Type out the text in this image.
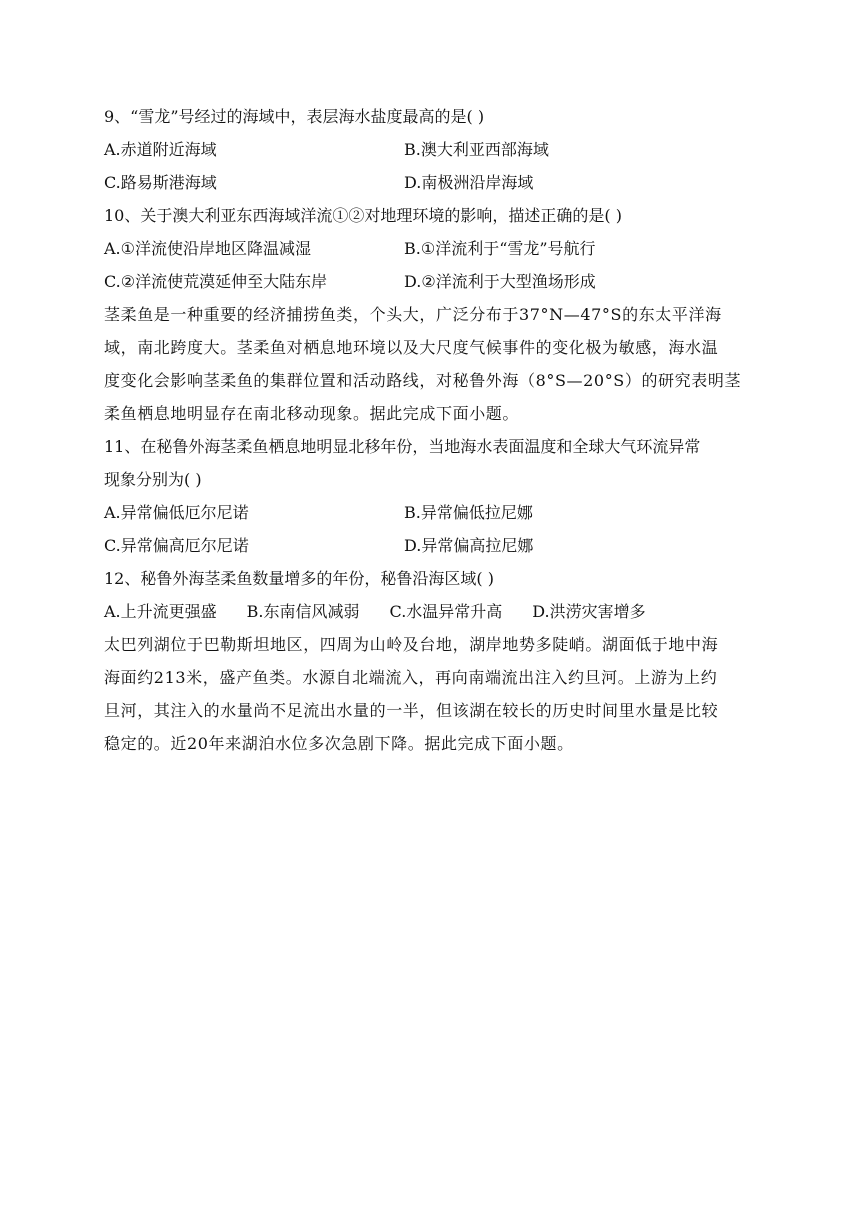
9、“雪龙”号经过的海域中，表层海水盐度最高的是( )
A.赤道附近海域	B.澳大利亚西部海域
C.路易斯港海域	D.南极洲沿岸海域
10、关于澳大利亚东西海域洋流①②对地理环境的影响，描述正确的是( )
A.①洋流使沿岸地区降温减湿	B.①洋流利于“雪龙”号航行
C.②洋流使荒漠延伸至大陆东岸	D.②洋流利于大型渔场形成
茎柔鱼是一种重要的经济捕捞鱼类，个头大，广泛分布于37°N—47°S的东太平洋海
域，南北跨度大。茎柔鱼对栖息地环境以及大尺度气候事件的变化极为敏感，海水温
度变化会影响茎柔鱼的集群位置和活动路线，对秘鲁外海（8°S—20°S）的研究表明茎
柔鱼栖息地明显存在南北移动现象。据此完成下面小题。
11、在秘鲁外海茎柔鱼栖息地明显北移年份，当地海水表面温度和全球大气环流异常
现象分别为( )
A.异常偏低厄尔尼诺	B.异常偏低拉尼娜
C.异常偏高厄尔尼诺	D.异常偏高拉尼娜
12、秘鲁外海茎柔鱼数量增多的年份，秘鲁沿海区域( )
A.上升流更强盛 B.东南信风减弱 C.水温异常升高 D.洪涝灾害增多
太巴列湖位于巴勒斯坦地区，四周为山岭及台地，湖岸地势多陡峭。湖面低于地中海
海面约213米，盛产鱼类。水源自北端流入，再向南端流出注入约旦河。上游为上约
旦河，其注入的水量尚不足流出水量的一半，但该湖在较长的历史时间里水量是比较
稳定的。近20年来湖泊水位多次急剧下降。据此完成下面小题。
